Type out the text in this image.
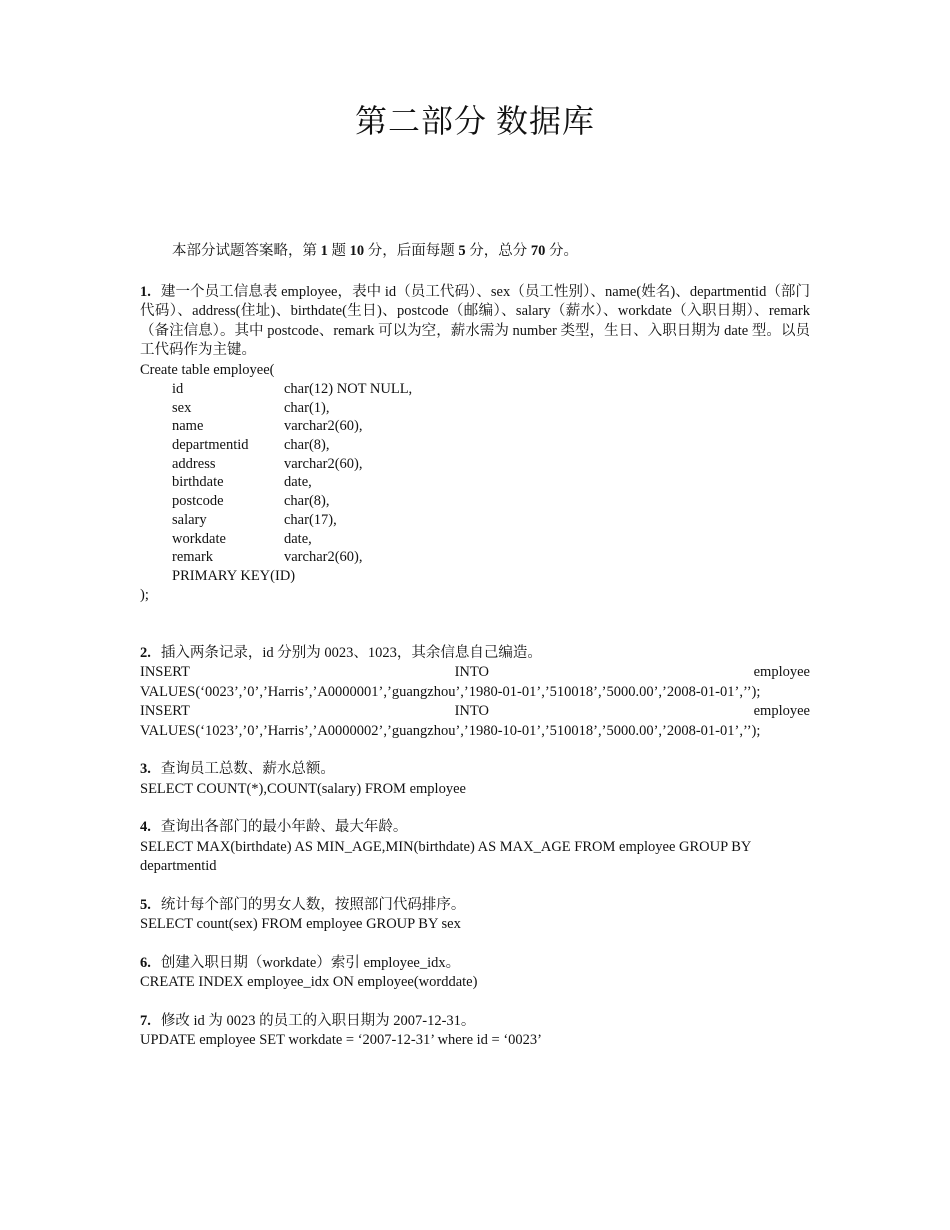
第二部分 数据库

本部分试题答案略，第 1 题 10 分，后面每题 5 分，总分 70 分。

1. 建一个员工信息表 employee，表中 id（员工代码）、sex（员工性别）、name(姓名)、departmentid（部门代码）、address(住址)、birthdate(生日)、postcode（邮编）、salary（薪水）、workdate（入职日期）、remark（备注信息）。其中 postcode、remark 可以为空，薪水需为 number 类型，生日、入职日期为 date 型。以员工代码作为主键。

Create table employee(
id	char(12) NOT NULL,
sex	char(1),
name	varchar2(60),
departmentid	char(8),
address	varchar2(60),
birthdate	date,
postcode	char(8),
salary	char(17),
workdate	date,
remark	varchar2(60),
PRIMARY KEY(ID)
);

2. 插入两条记录，id 分别为 0023、1023，其余信息自己编造。

INSERT	INTO	employee
VALUES(‘0023’,’0’,’Harris’,’A0000001’,’guangzhou’,’1980-01-01’,’510018’,’5000.00’,’2008-01-01’,’’);
INSERT	INTO	employee
VALUES(‘1023’,’0’,’Harris’,’A0000002’,’guangzhou’,’1980-10-01’,’510018’,’5000.00’,’2008-01-01’,’’);

3. 查询员工总数、薪水总额。

SELECT COUNT(*),COUNT(salary) FROM employee

4. 查询出各部门的最小年龄、最大年龄。

SELECT MAX(birthdate) AS MIN_AGE,MIN(birthdate) AS MAX_AGE FROM employee GROUP BY departmentid

5. 统计每个部门的男女人数，按照部门代码排序。

SELECT count(sex) FROM employee GROUP BY sex

6. 创建入职日期（workdate）索引 employee_idx。

CREATE INDEX employee_idx ON employee(worddate)

7. 修改 id 为 0023 的员工的入职日期为 2007-12-31。

UPDATE employee SET workdate = ‘2007-12-31’ where id = ‘0023’
